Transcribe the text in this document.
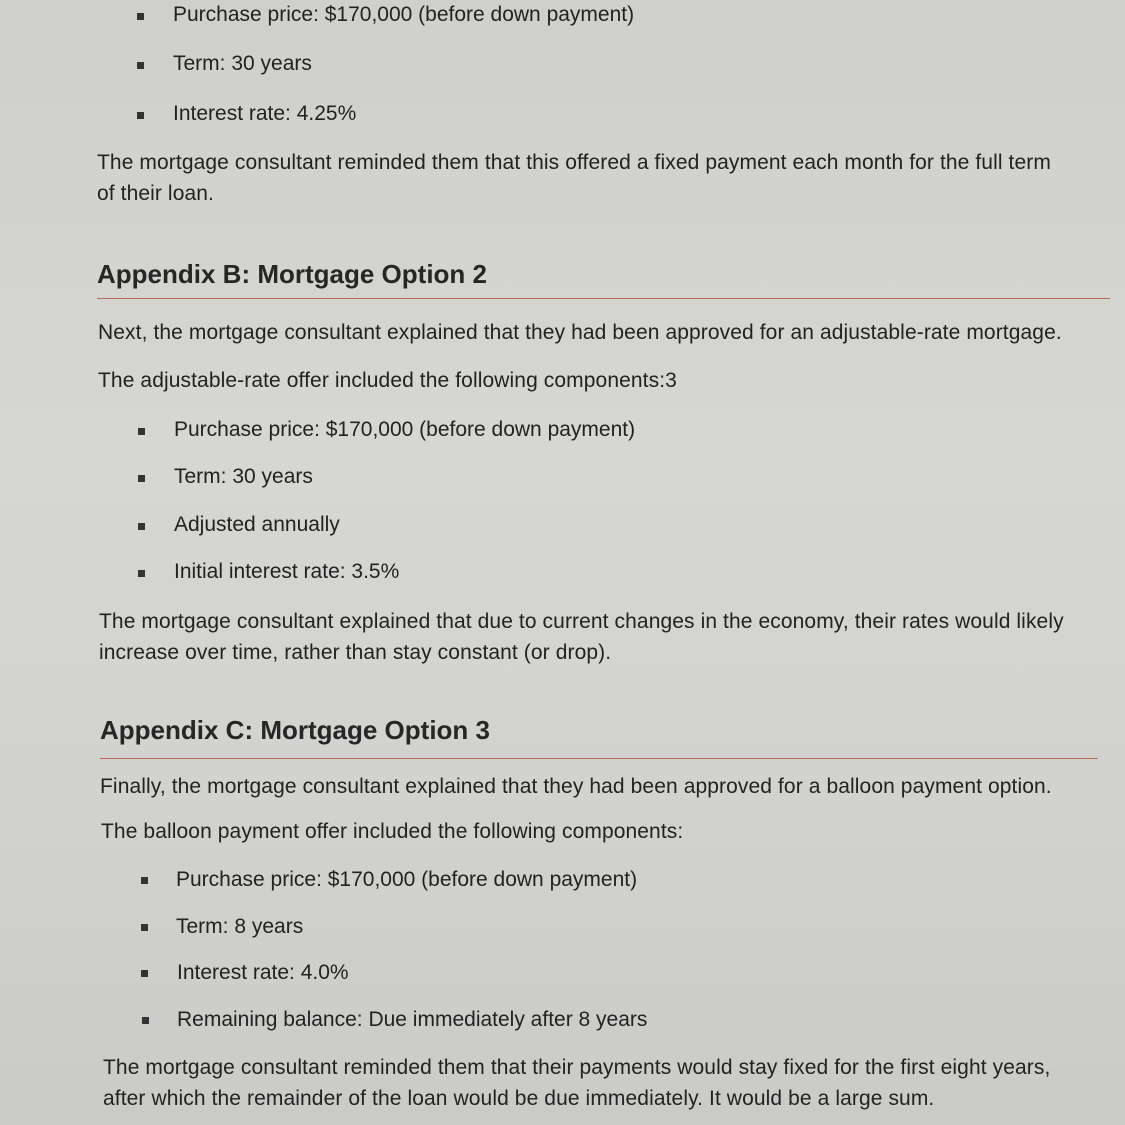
Purchase price: $170,000 (before down payment)
Term: 30 years
Interest rate: 4.25%
The mortgage consultant reminded them that this offered a fixed payment each month for the full term
of their loan.
Appendix B: Mortgage Option 2
Next, the mortgage consultant explained that they had been approved for an adjustable-rate mortgage.
The adjustable-rate offer included the following components:3
Purchase price: $170,000 (before down payment)
Term: 30 years
Adjusted annually
Initial interest rate: 3.5%
The mortgage consultant explained that due to current changes in the economy, their rates would likely
increase over time, rather than stay constant (or drop).
Appendix C: Mortgage Option 3
Finally, the mortgage consultant explained that they had been approved for a balloon payment option.
The balloon payment offer included the following components:
Purchase price: $170,000 (before down payment)
Term: 8 years
Interest rate: 4.0%
Remaining balance: Due immediately after 8 years
The mortgage consultant reminded them that their payments would stay fixed for the first eight years,
after which the remainder of the loan would be due immediately. It would be a large sum.
